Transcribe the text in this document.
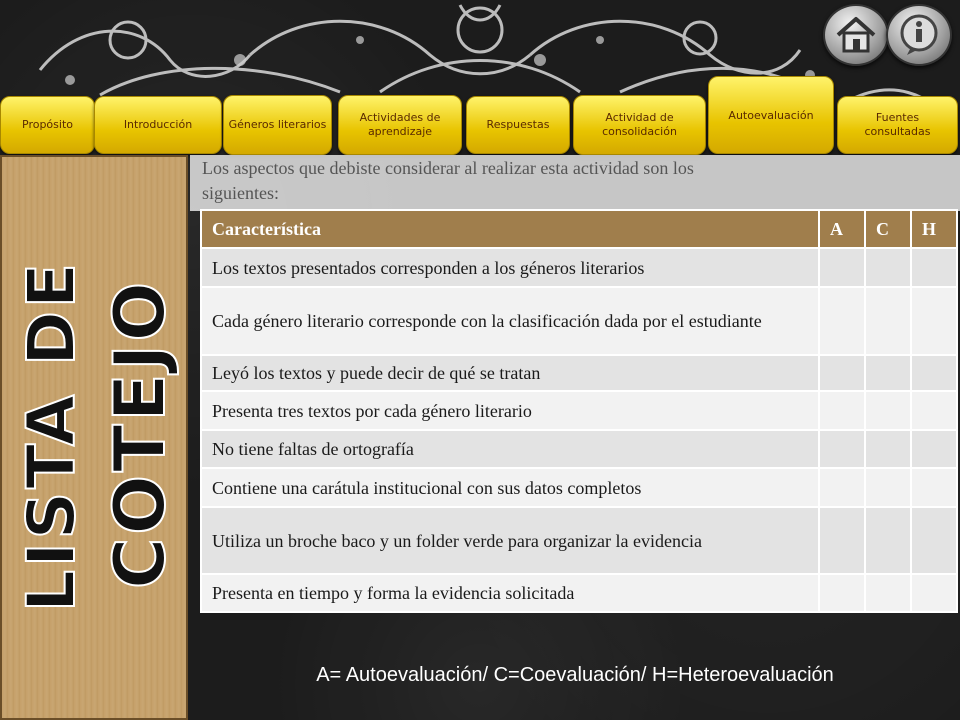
Propósito	Introducción	Géneros literarios
Actividades de aprendizaje
Respuestas
Actividad de consolidación
Autoevaluación	Fuentes consultadas
LISTA DE COTEJO

Los aspectos que debiste considerar al realizar esta actividad son los siguientes:

Característica	A	C	H
Los textos presentados corresponden a los géneros literarios			
Cada género literario corresponde con la clasificación dada por el estudiante			
Leyó los textos y puede decir de qué se tratan			
Presenta tres textos por cada género literario			
No tiene faltas de ortografía			
Contiene una carátula institucional con sus datos completos			
Utiliza un broche baco y un folder verde para organizar la evidencia			
Presenta en tiempo y forma la evidencia solicitada			
A= Autoevaluación/ C=Coevaluación/ H=Heteroevaluación
